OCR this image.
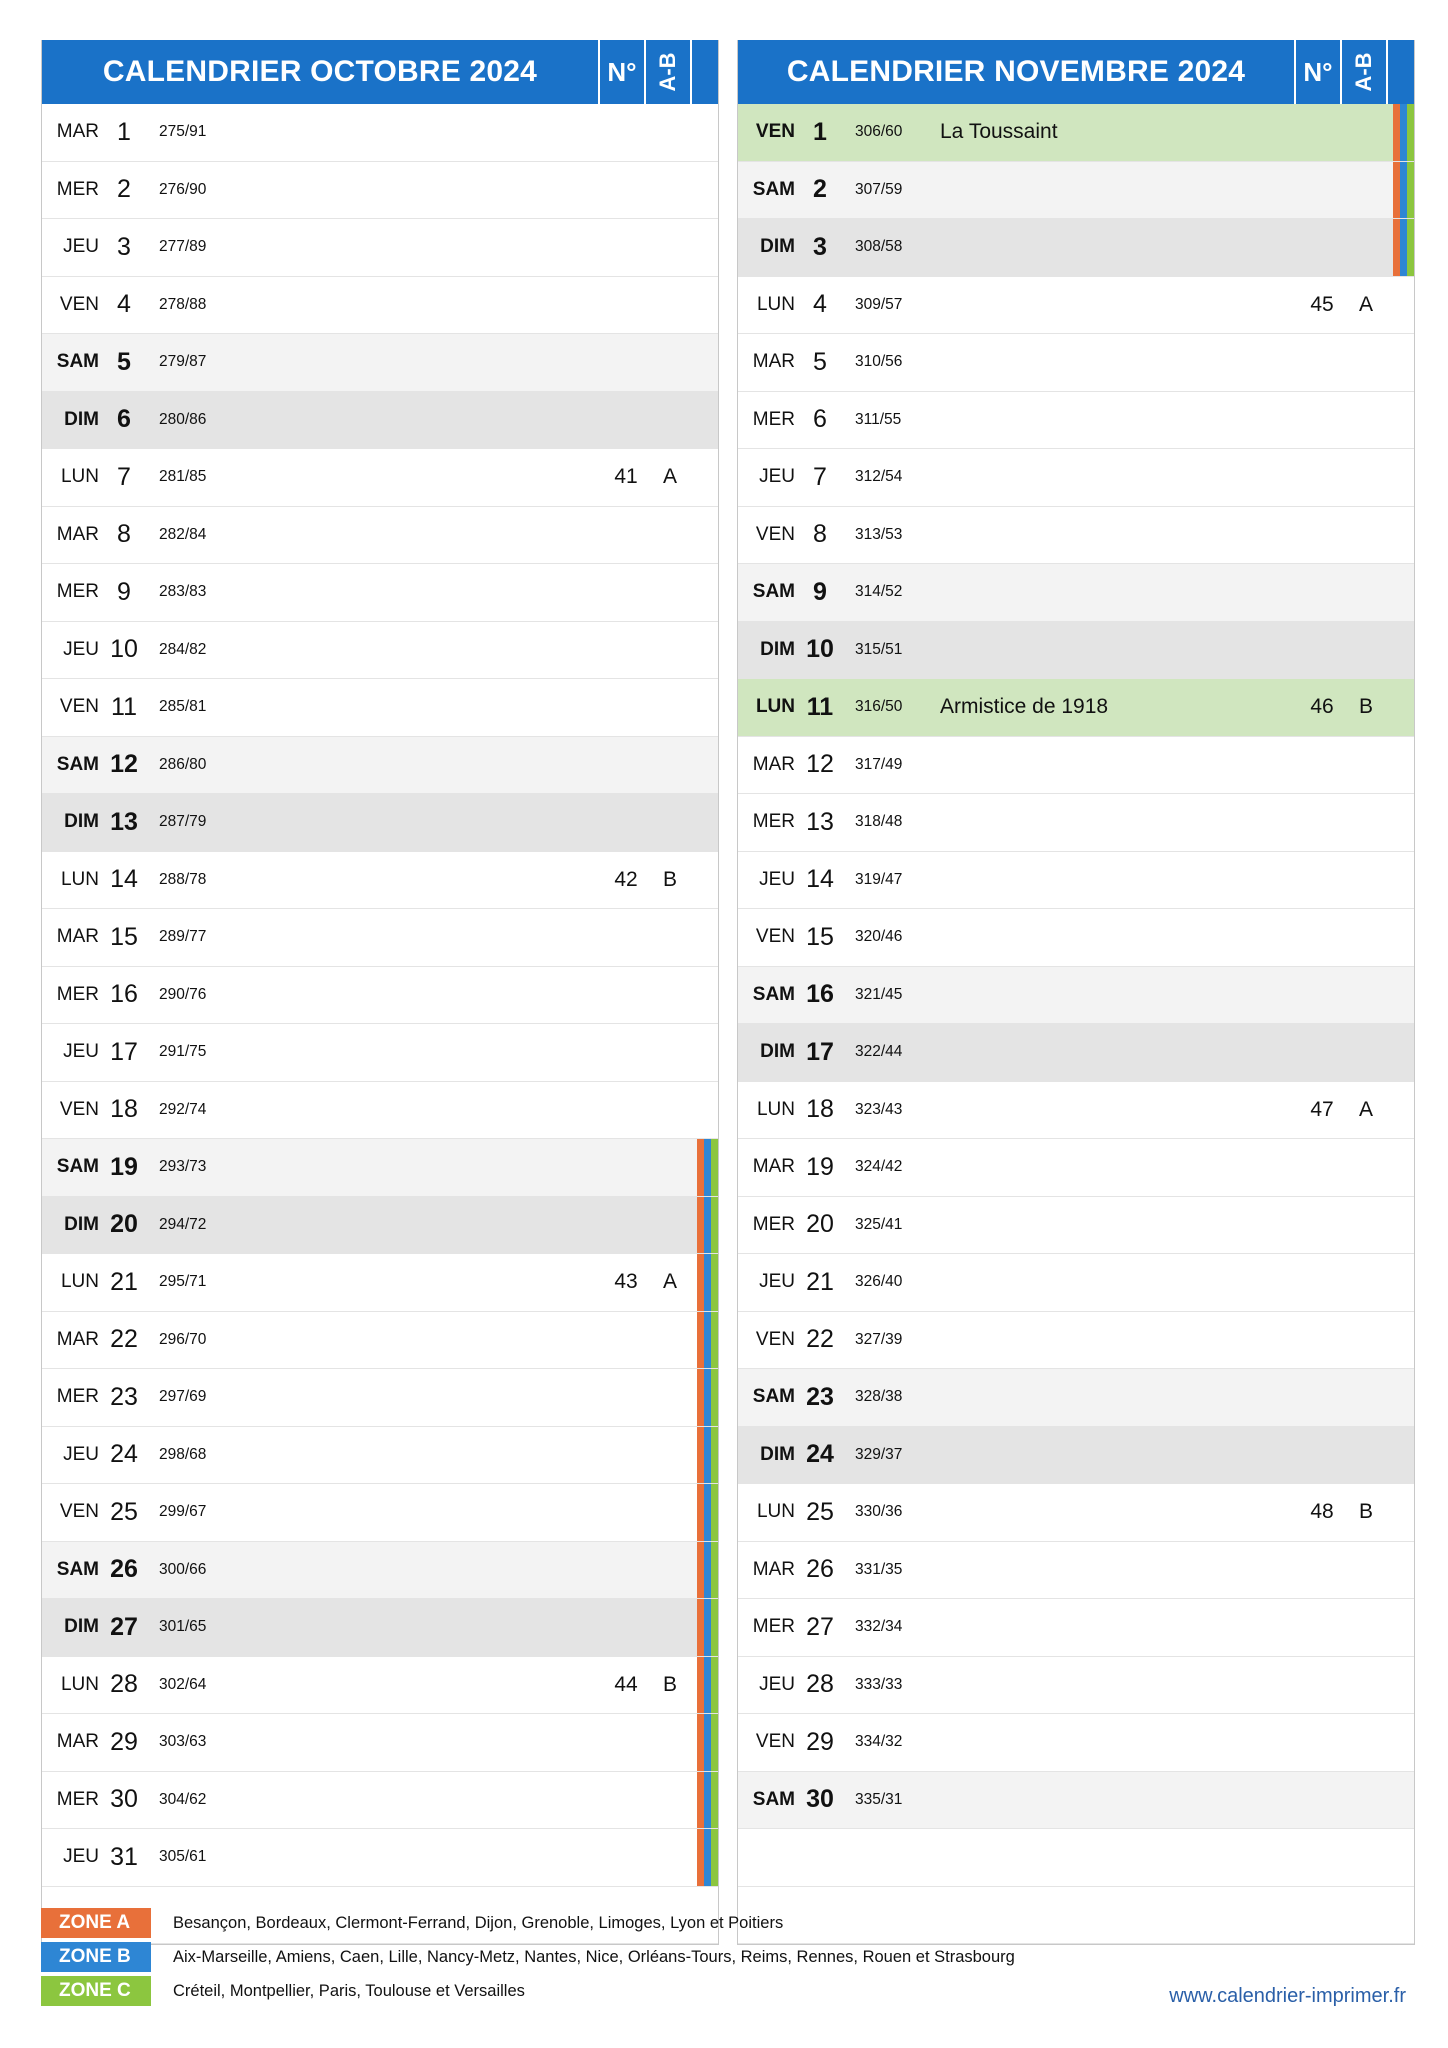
CALENDRIER OCTOBRE 2024	N° A-B
MAR 1	275/91
MER 2	276/90
JEU 3	277/89
VEN 4	278/88
SAM 5	279/87
DIM 6	280/86
LUN 7	281/85	41	A
MAR 8	282/84
MER 9	283/83
JEU 10	284/82
VEN 11	285/81
SAM 12	286/80
DIM 13	287/79
LUN 14	288/78	42	B
MAR 15	289/77
MER 16	290/76
JEU 17	291/75
VEN 18	292/74
SAM 19	293/73
DIM 20	294/72
LUN 21	295/71	43	A
MAR 22	296/70
MER 23	297/69
JEU 24	298/68
VEN 25	299/67
SAM 26	300/66
DIM 27	301/65
LUN 28	302/64	44	B
MAR 29	303/63
MER 30	304/62
JEU 31	305/61
CALENDRIER NOVEMBRE 2024	N° A-B
VEN 1	306/60	La Toussaint
SAM 2	307/59
DIM 3	308/58
LUN 4	309/57	45	A
MAR 5	310/56
MER 6	311/55
JEU 7	312/54
VEN 8	313/53
SAM 9	314/52
DIM 10	315/51
LUN 11	316/50	Armistice de 1918	46	B
MAR 12	317/49
MER 13	318/48
JEU 14	319/47
VEN 15	320/46
SAM 16	321/45
DIM 17	322/44
LUN 18	323/43	47	A
MAR 19	324/42
MER 20	325/41
JEU 21	326/40
VEN 22	327/39
SAM 23	328/38
DIM 24	329/37
LUN 25	330/36	48	B
MAR 26	331/35
MER 27	332/34
JEU 28	333/33
VEN 29	334/32
SAM 30	335/31
ZONE A	Besançon, Bordeaux, Clermont-Ferrand, Dijon, Grenoble, Limoges, Lyon et Poitiers
ZONE B	Aix-Marseille, Amiens, Caen, Lille, Nancy-Metz, Nantes, Nice, Orléans-Tours, Reims, Rennes, Rouen et Strasbourg
ZONE C	Créteil, Montpellier, Paris, Toulouse et Versailles	www.calendrier-imprimer.fr
